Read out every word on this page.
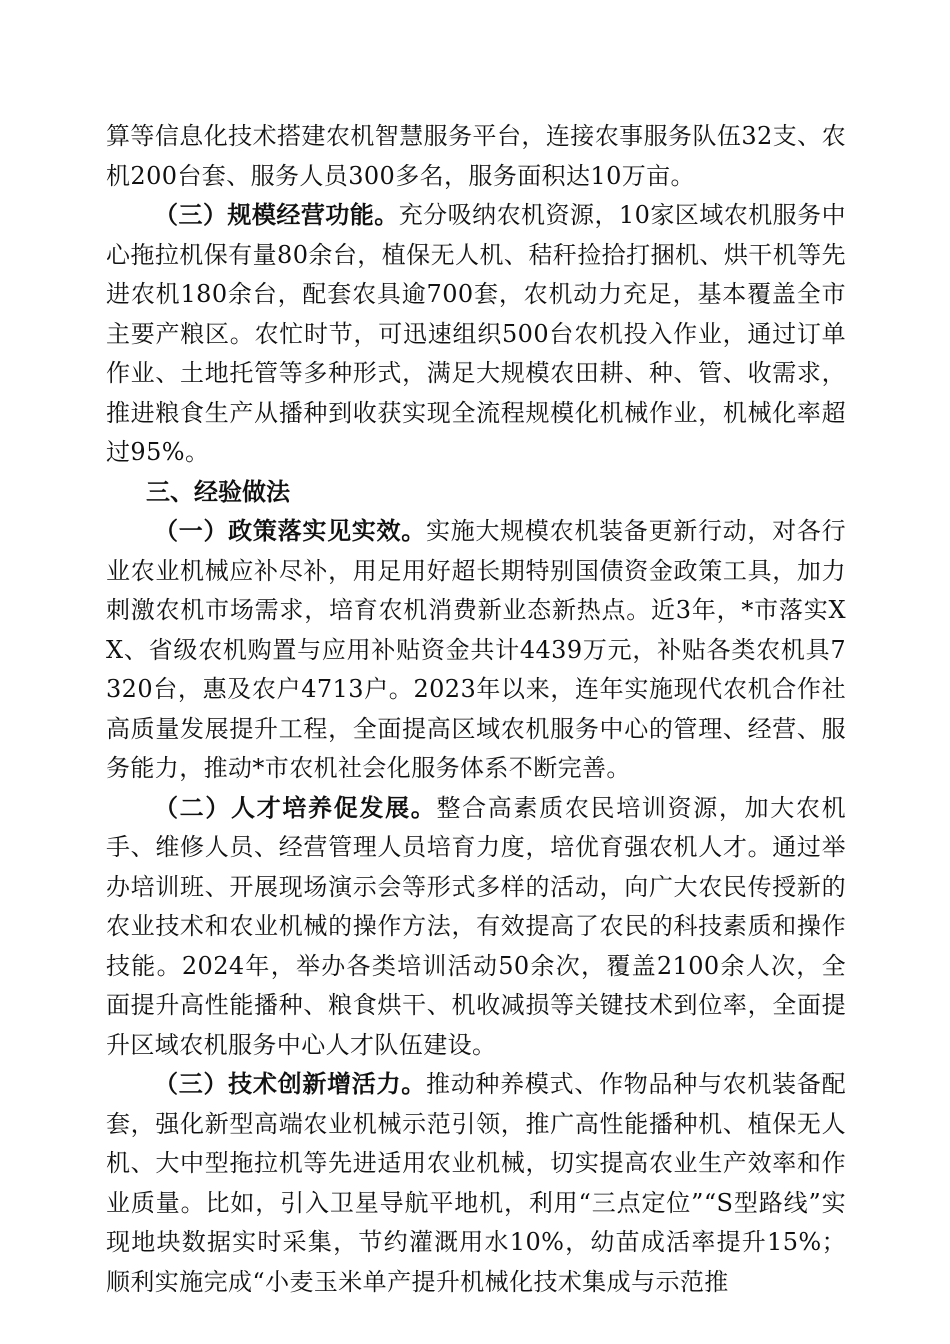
算等信息化技术搭建农机智慧服务平台，连接农事服务队伍32支、农机200台套、服务人员300多名，服务面积达10万亩。

（三）规模经营功能。充分吸纳农机资源，10家区域农机服务中心拖拉机保有量80余台，植保无人机、秸秆捡拾打捆机、烘干机等先进农机180余台，配套农具逾700套，农机动力充足，基本覆盖全市主要产粮区。农忙时节，可迅速组织500台农机投入作业，通过订单作业、土地托管等多种形式，满足大规模农田耕、种、管、收需求，推进粮食生产从播种到收获实现全流程规模化机械作业，机械化率超过95%。

三、经验做法

（一）政策落实见实效。实施大规模农机装备更新行动，对各行业农业机械应补尽补，用足用好超长期特别国债资金政策工具，加力刺激农机市场需求，培育农机消费新业态新热点。近3年，*市落实XX、省级农机购置与应用补贴资金共计4439万元，补贴各类农机具7320台，惠及农户4713户。2023年以来，连年实施现代农机合作社高质量发展提升工程，全面提高区域农机服务中心的管理、经营、服务能力，推动*市农机社会化服务体系不断完善。

（二）人才培养促发展。整合高素质农民培训资源，加大农机手、维修人员、经营管理人员培育力度，培优育强农机人才。通过举办培训班、开展现场演示会等形式多样的活动，向广大农民传授新的农业技术和农业机械的操作方法，有效提高了农民的科技素质和操作技能。2024年，举办各类培训活动50余次，覆盖2100余人次，全面提升高性能播种、粮食烘干、机收减损等关键技术到位率，全面提升区域农机服务中心人才队伍建设。

（三）技术创新增活力。推动种养模式、作物品种与农机装备配套，强化新型高端农业机械示范引领，推广高性能播种机、植保无人机、大中型拖拉机等先进适用农业机械，切实提高农业生产效率和作业质量。比如，引入卫星导航平地机，利用“三点定位”“S型路线”实现地块数据实时采集，节约灌溉用水10%，幼苗成活率提升15%；顺利实施完成“小麦玉米单产提升机械化技术集成与示范推
